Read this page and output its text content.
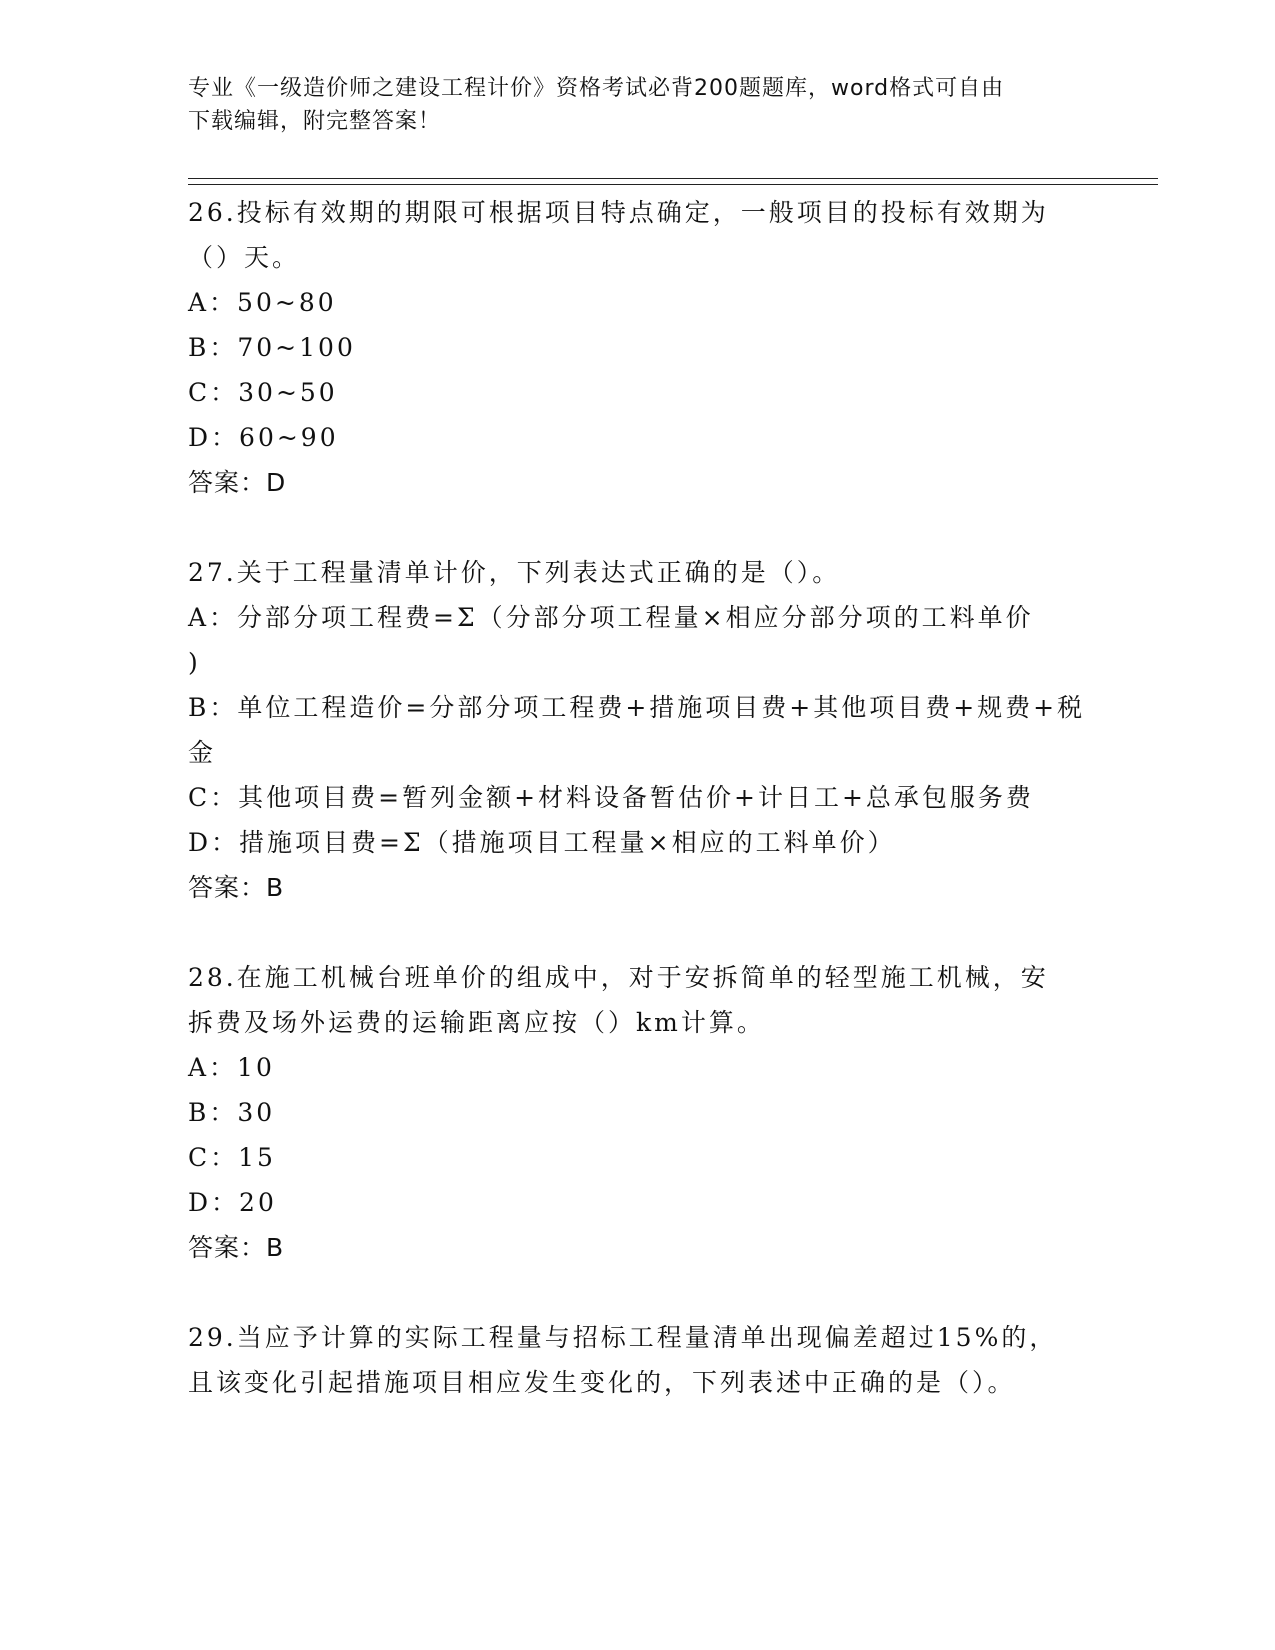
专业《一级造价师之建设工程计价》资格考试必背200题题库，word格式可自由
下载编辑，附完整答案！
26.投标有效期的期限可根据项目特点确定，一般项目的投标有效期为
（）天。
A：50~80
B：70~100
C：30~50
D：60~90
答案：D
27.关于工程量清单计价，下列表达式正确的是（）。
A：分部分项工程费=Σ（分部分项工程量×相应分部分项的工料单价
)
B：单位工程造价=分部分项工程费+措施项目费+其他项目费+规费+税
金
C：其他项目费=暂列金额+材料设备暂估价+计日工+总承包服务费
D：措施项目费=Σ（措施项目工程量×相应的工料单价）
答案：B
28.在施工机械台班单价的组成中，对于安拆简单的轻型施工机械，安
拆费及场外运费的运输距离应按（）km计算。
A：10
B：30
C：15
D：20
答案：B
29.当应予计算的实际工程量与招标工程量清单出现偏差超过15%的，
且该变化引起措施项目相应发生变化的，下列表述中正确的是（）。
